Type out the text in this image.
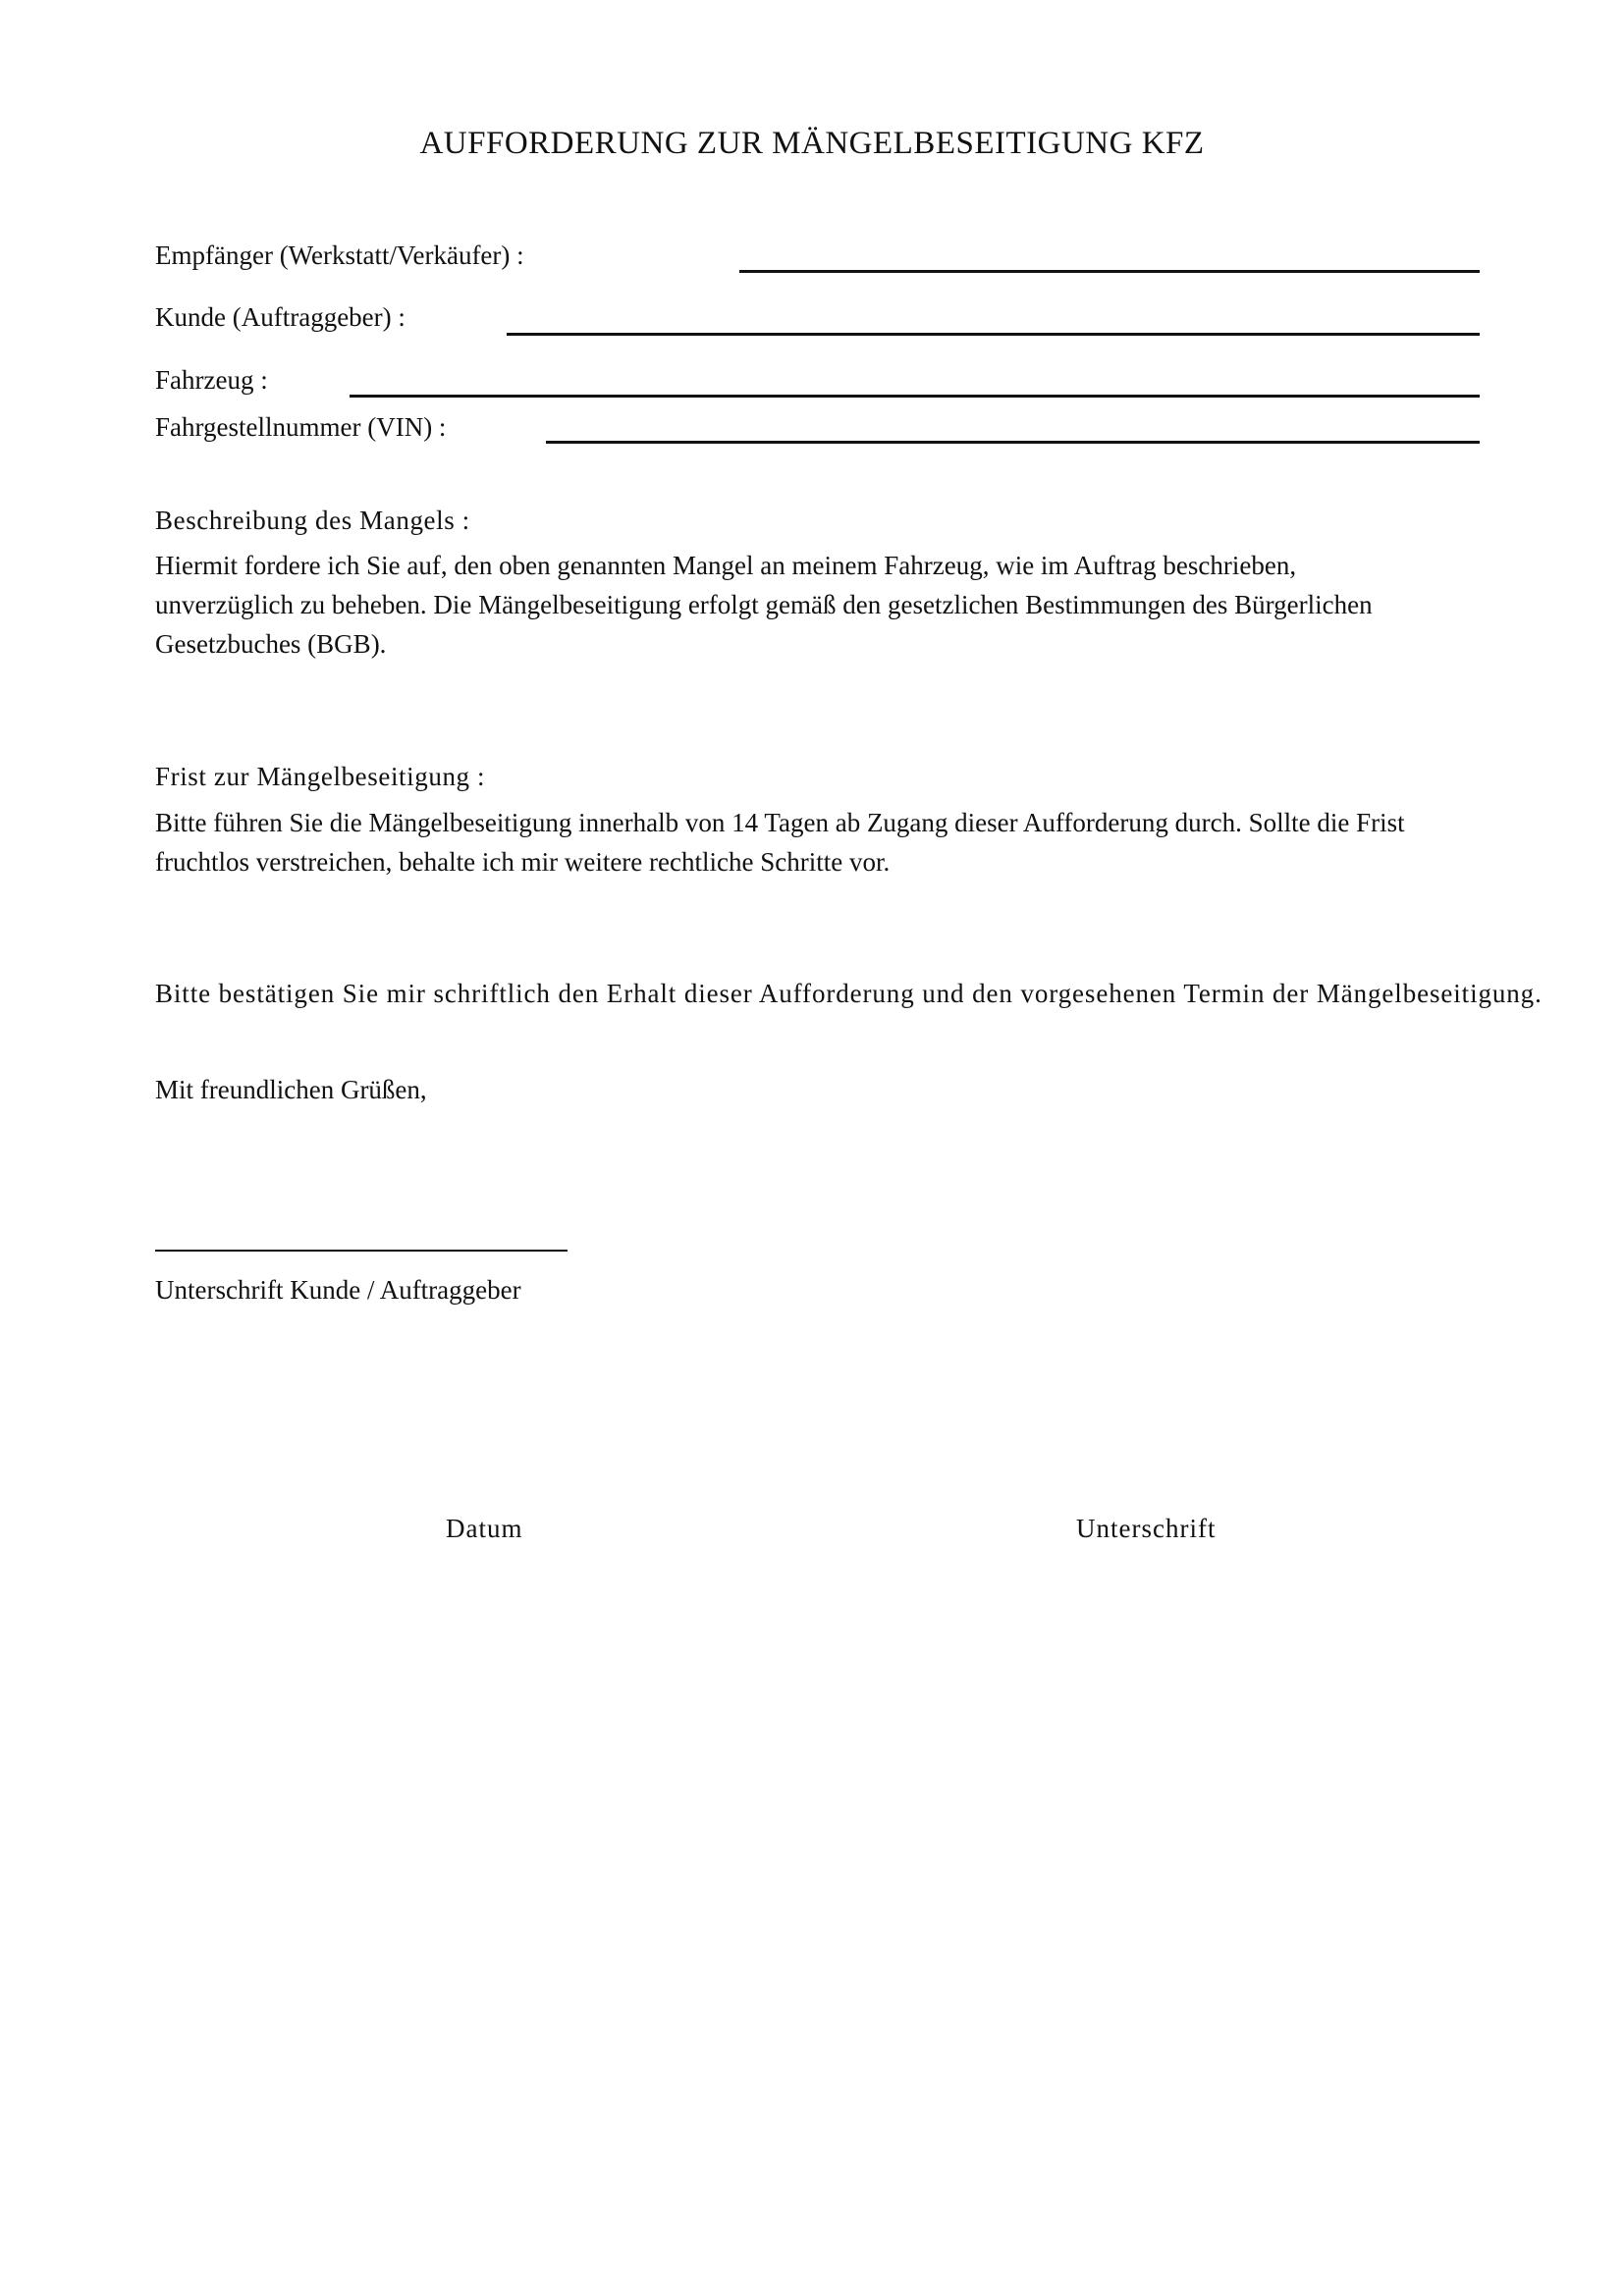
AUFFORDERUNG ZUR MÄNGELBESEITIGUNG KFZ
Empfänger (Werkstatt/Verkäufer) :
Kunde (Auftraggeber) :
Fahrzeug :
Fahrgestellnummer (VIN) :
Beschreibung des Mangels :
Hiermit fordere ich Sie auf, den oben genannten Mangel an meinem Fahrzeug, wie im Auftrag beschrieben,
unverzüglich zu beheben. Die Mängelbeseitigung erfolgt gemäß den gesetzlichen Bestimmungen des Bürgerlichen
Gesetzbuches (BGB).
Frist zur Mängelbeseitigung :
Bitte führen Sie die Mängelbeseitigung innerhalb von 14 Tagen ab Zugang dieser Aufforderung durch. Sollte die Frist
fruchtlos verstreichen, behalte ich mir weitere rechtliche Schritte vor.
Bitte bestätigen Sie mir schriftlich den Erhalt dieser Aufforderung und den vorgesehenen Termin der Mängelbeseitigung.
Mit freundlichen Grüßen,
Unterschrift Kunde / Auftraggeber
Datum	Unterschrift
